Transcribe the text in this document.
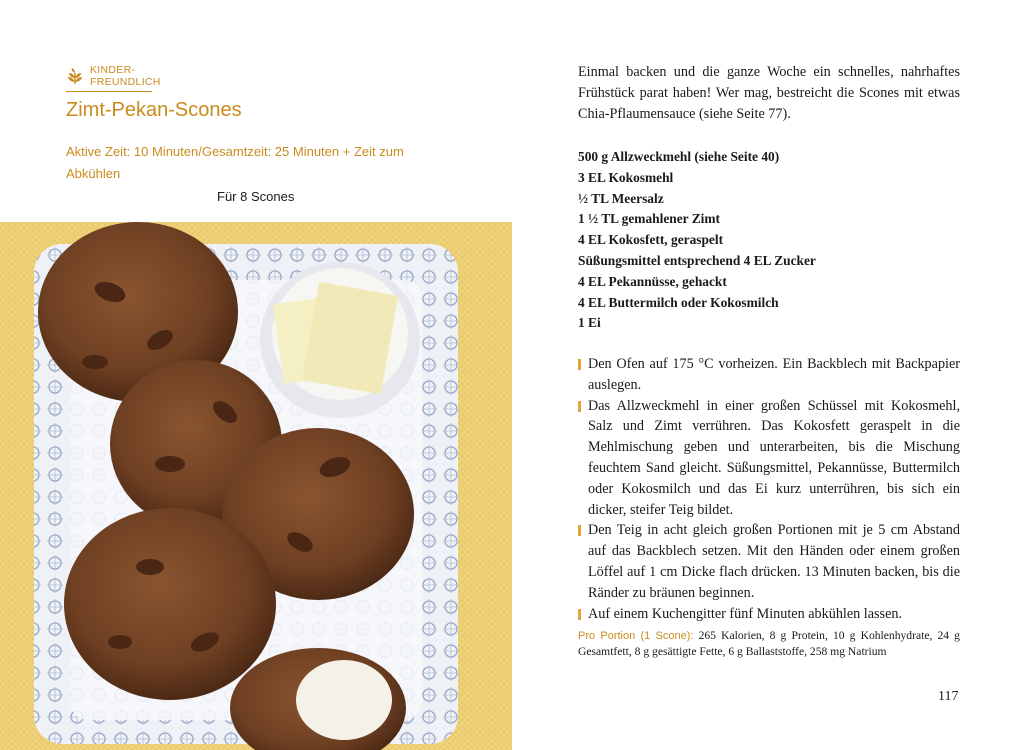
KINDER-
FREUNDLICH
Zimt-Pekan-Scones
Aktive Zeit: 10 Minuten/Gesamtzeit: 25 Minuten + Zeit zum Abkühlen
Für 8 Scones

Einmal backen und die ganze Woche ein schnelles, nahrhaftes Frühstück parat haben! Wer mag, bestreicht die Scones mit etwas Chia-Pflaumensauce (siehe Seite 77).

500 g Allzweckmehl (siehe Seite 40)
3 EL Kokosmehl
½ TL Meersalz
1 ½ TL gemahlener Zimt
4 EL Kokosfett, geraspelt
Süßungsmittel entsprechend 4 EL Zucker
4 EL Pekannüsse, gehackt
4 EL Buttermilch oder Kokosmilch
1 Ei
Den Ofen auf 175 °C vorheizen. Ein Backblech mit Backpapier auslegen.
Das Allzweckmehl in einer großen Schüssel mit Kokosmehl, Salz und Zimt verrühren. Das Kokosfett geraspelt in die Mehlmischung geben und unterarbeiten, bis die Mischung feuchtem Sand gleicht. Süßungsmittel, Pekannüsse, Buttermilch oder Kokosmilch und das Ei kurz unterrühren, bis sich ein dicker, steifer Teig bildet.
Den Teig in acht gleich großen Portionen mit je 5 cm Abstand auf das Backblech setzen. Mit den Händen oder einem großen Löffel auf 1 cm Dicke flach drücken. 13 Minuten backen, bis die Ränder zu bräunen beginnen.
Auf einem Kuchengitter fünf Minuten abkühlen lassen.

Pro Portion (1 Scone): 265 Kalorien, 8 g Protein, 10 g Kohlenhydrate, 24 g Gesamtfett, 8 g gesättigte Fette, 6 g Ballaststoffe, 258 mg Natrium

117
